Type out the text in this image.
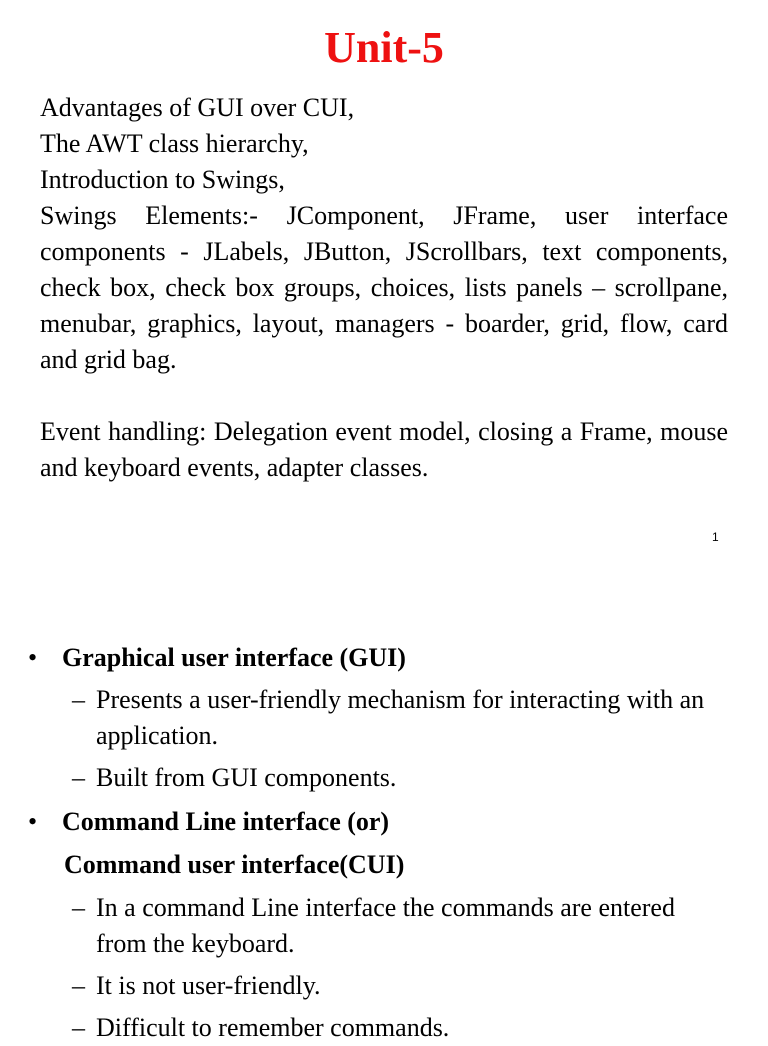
Unit-5
Advantages of GUI over CUI,
The AWT class hierarchy,
Introduction to Swings,
Swings Elements:- JComponent, JFrame, user interface components - JLabels, JButton, JScrollbars, text components, check box, check box groups, choices, lists panels – scrollpane, menubar, graphics, layout, managers - boarder, grid, flow, card and grid bag.
Event handling: Delegation event model, closing a Frame, mouse and keyboard events, adapter classes.
1
• Graphical user interface (GUI)
– Presents a user-friendly mechanism for interacting with an application.
– Built from GUI components.
• Command Line interface (or)
Command user interface(CUI)
– In a command Line interface the commands are entered from the keyboard.
– It is not user-friendly.
– Difficult to remember commands.
